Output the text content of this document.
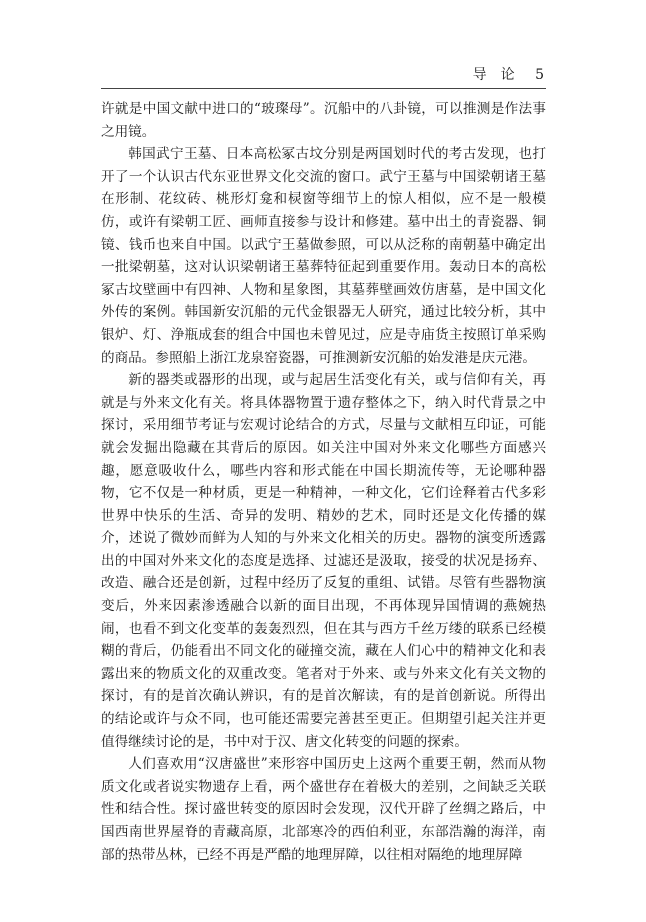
导论 5

许就是中国文献中进口的“玻璨母”。沉船中的八卦镜，可以推测是作法事之用镜。

韩国武宁王墓、日本高松冢古坟分别是两国划时代的考古发现，也打开了一个认识古代东亚世界文化交流的窗口。武宁王墓与中国梁朝诸王墓在形制、花纹砖、桃形灯龛和棂窗等细节上的惊人相似，应不是一般模仿，或许有梁朝工匠、画师直接参与设计和修建。墓中出土的青瓷器、铜镜、钱币也来自中国。以武宁王墓做参照，可以从泛称的南朝墓中确定出一批梁朝墓，这对认识梁朝诸王墓葬特征起到重要作用。轰动日本的高松冢古坟壁画中有四神、人物和星象图，其墓葬壁画效仿唐墓，是中国文化外传的案例。韩国新安沉船的元代金银器无人研究，通过比较分析，其中银炉、灯、浄瓶成套的组合中国也未曾见过，应是寺庙货主按照订单采购的商品。参照船上浙江龙泉窑瓷器，可推测新安沉船的始发港是庆元港。

新的器类或器形的出现，或与起居生活变化有关，或与信仰有关，再就是与外来文化有关。将具体器物置于遗存整体之下，纳入时代背景之中探讨，采用细节考证与宏观讨论结合的方式，尽量与文献相互印证，可能就会发掘出隐藏在其背后的原因。如关注中国对外来文化哪些方面感兴趣，愿意吸收什么，哪些内容和形式能在中国长期流传等，无论哪种器物，它不仅是一种材质，更是一种精神，一种文化，它们诠释着古代多彩世界中快乐的生活、奇异的发明、精妙的艺术，同时还是文化传播的媒介，述说了微妙而鲜为人知的与外来文化相关的历史。器物的演变所透露出的中国对外来文化的态度是选择、过滤还是汲取，接受的状况是扬弃、改造、融合还是创新，过程中经历了反复的重组、试错。尽管有些器物演变后，外来因素渗透融合以新的面目出现，不再体现异国情调的燕婉热闹，也看不到文化变革的轰轰烈烈，但在其与西方千丝万缕的联系已经模糊的背后，仍能看出不同文化的碰撞交流，藏在人们心中的精神文化和表露出来的物质文化的双重改变。笔者对于外来、或与外来文化有关文物的探讨，有的是首次确认辨识，有的是首次解读，有的是首创新说。所得出的结论或许与众不同，也可能还需要完善甚至更正。但期望引起关注并更值得继续讨论的是，书中对于汉、唐文化转变的问题的探索。

人们喜欢用“汉唐盛世”来形容中国历史上这两个重要王朝，然而从物质文化或者说实物遗存上看，两个盛世存在着极大的差别，之间缺乏关联性和结合性。探讨盛世转变的原因时会发现，汉代开辟了丝绸之路后，中国西南世界屋脊的青藏高原，北部寒冷的西伯利亚，东部浩瀚的海洋，南部的热带丛林，已经不再是严酷的地理屏障，以往相对隔绝的地理屏障
